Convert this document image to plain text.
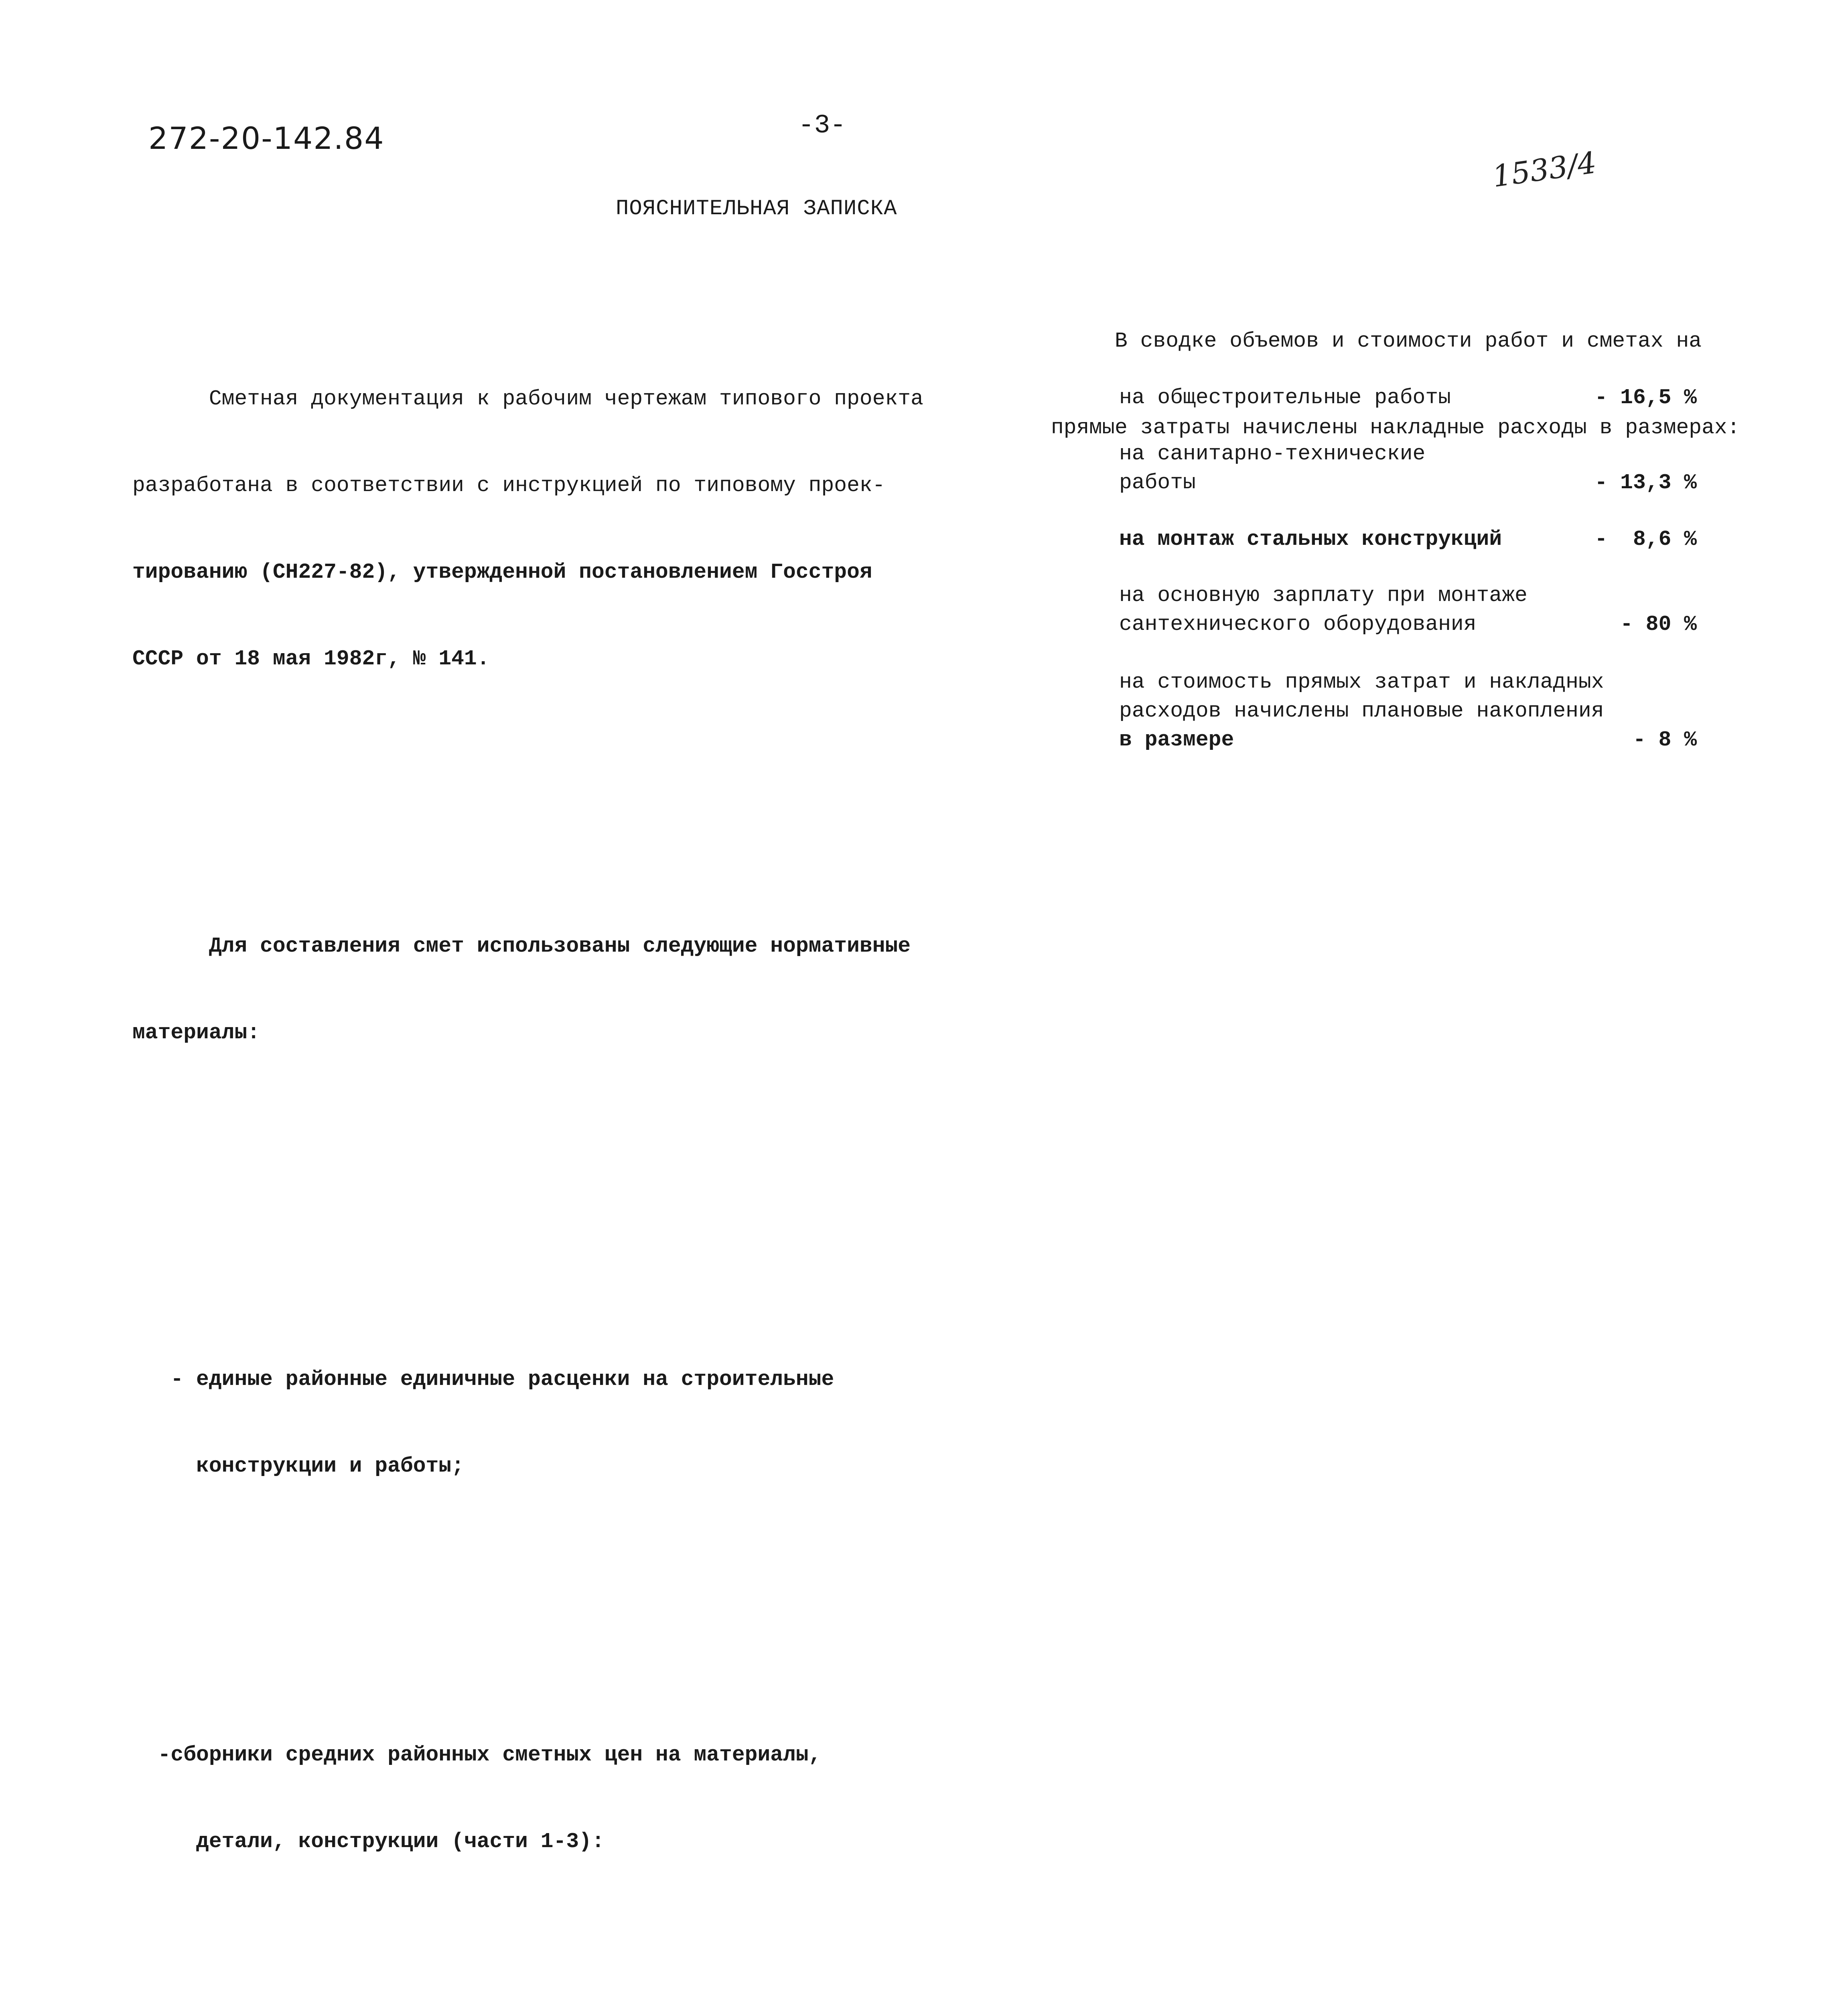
272-20-142.84	-3-
1533/4
ПОЯСНИТЕЛЬНАЯ ЗАПИСКА

Сметная документация к рабочим чертежам типового проекта

разработана в соответствии с инструкцией по типовому проек-

тированию (СН227-82), утвержденной постановлением Госстроя

СССР от 18 мая 1982г, № 141.

Для составления смет использованы следующие нормативные

материалы:

- единые районные единичные расценки на строительные

конструкции и работы;

-сборники средних районных сметных цен на материалы,

детали, конструкции (части 1-3):

В сводке объемов и стоимости работ и сметах на

прямые затраты начислены накладные расходы в размерах:

на общестроительные работы	- 16,5 %
на санитарно-технические
работы	- 13,3 %
на монтаж стальных конструкций	-  8,6 %
на основную зарплату при монтаже
сантехнического оборудования	- 80 %
на стоимость прямых затрат и накладных
расходов начислены плановые накопления
в размере	- 8 %
